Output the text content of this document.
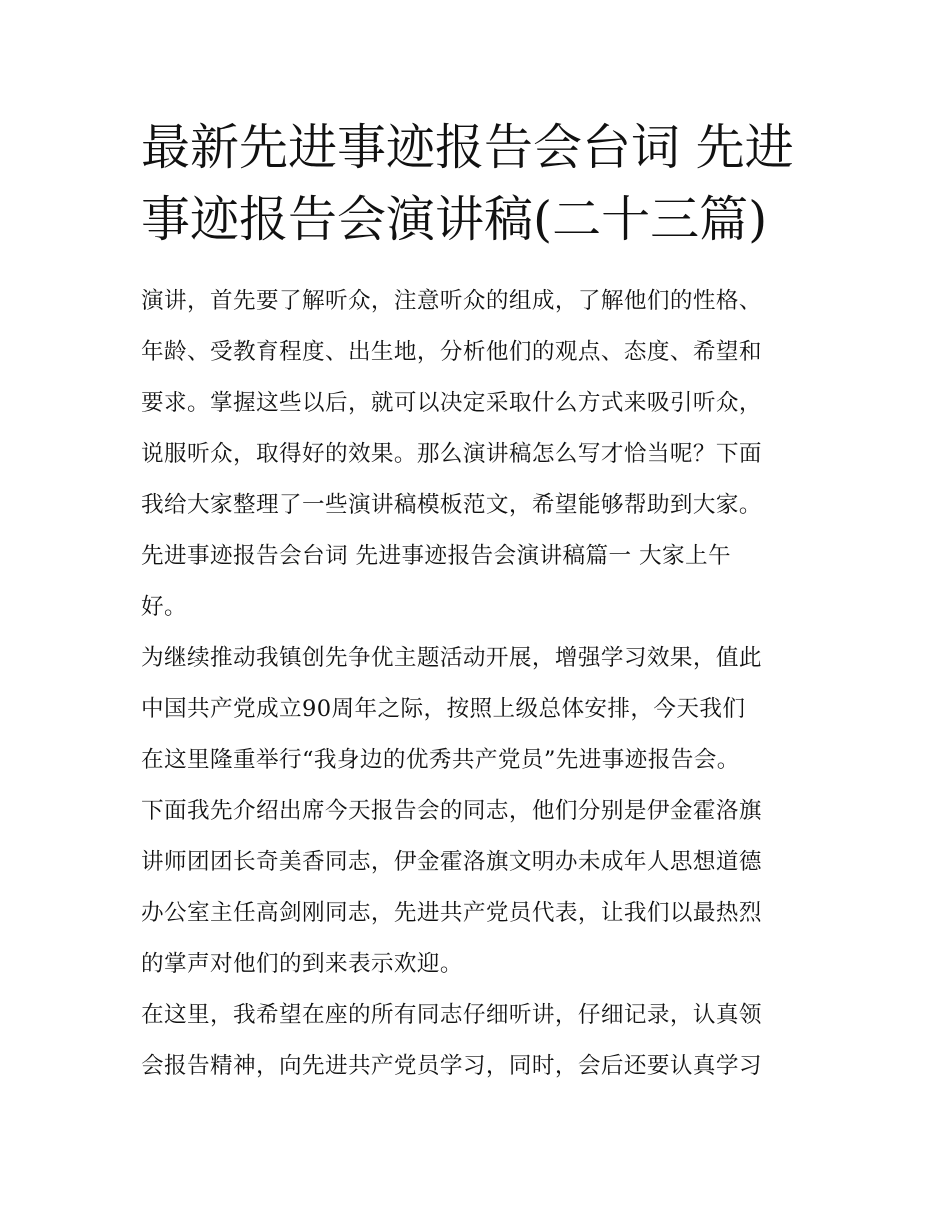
最新先进事迹报告会台词 先进
事迹报告会演讲稿(二十三篇)

演讲，首先要了解听众，注意听众的组成，了解他们的性格、
年龄、受教育程度、出生地，分析他们的观点、态度、希望和
要求。掌握这些以后，就可以决定采取什么方式来吸引听众，
说服听众，取得好的效果。那么演讲稿怎么写才恰当呢？下面
我给大家整理了一些演讲稿模板范文，希望能够帮助到大家。

先进事迹报告会台词 先进事迹报告会演讲稿篇一 大家上午
好。

为继续推动我镇创先争优主题活动开展，增强学习效果，值此
中国共产党成立90周年之际，按照上级总体安排，今天我们
在这里隆重举行“我身边的优秀共产党员”先进事迹报告会。

下面我先介绍出席今天报告会的同志，他们分别是伊金霍洛旗
讲师团团长奇美香同志，伊金霍洛旗文明办未成年人思想道德
办公室主任高剑刚同志，先进共产党员代表，让我们以最热烈
的掌声对他们的到来表示欢迎。

在这里，我希望在座的所有同志仔细听讲，仔细记录，认真领
会报告精神，向先进共产党员学习，同时，会后还要认真学习
